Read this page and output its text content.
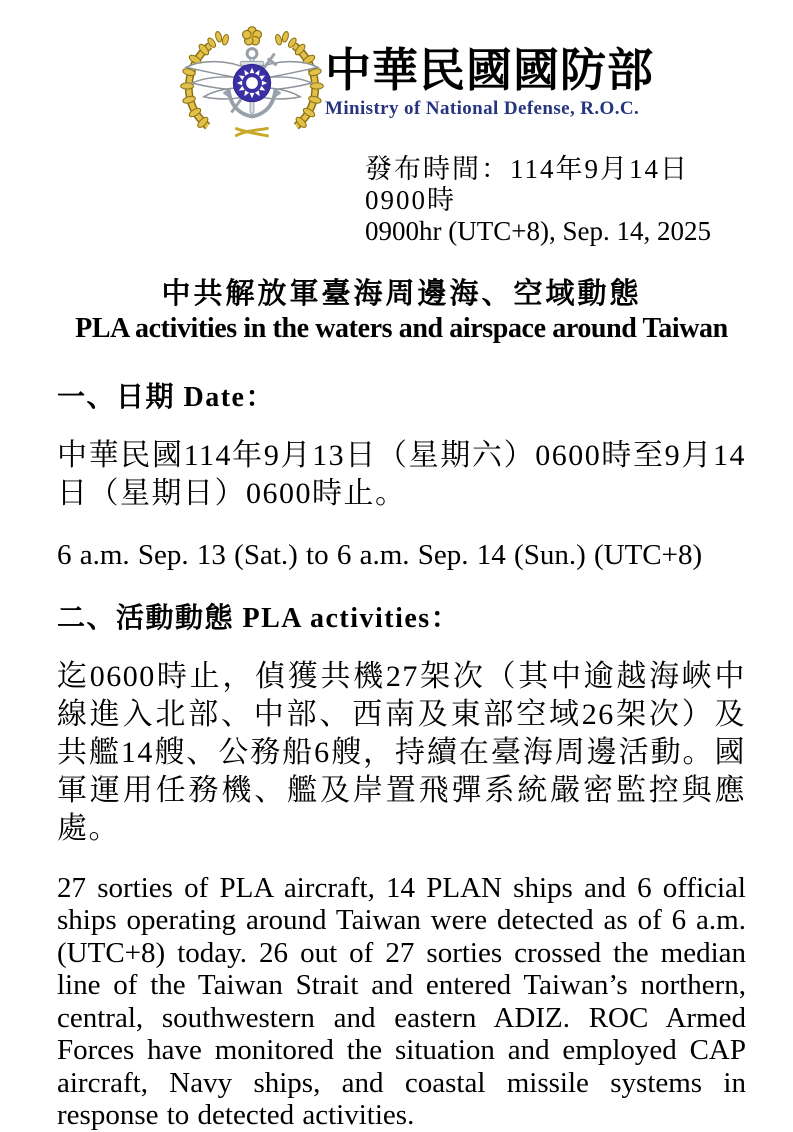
中華民國國防部
Ministry of National Defense, R.O.C.
發布時間：114年9月14日0900時
0900hr (UTC+8), Sep. 14, 2025
中共解放軍臺海周邊海、空域動態
PLA activities in the waters and airspace around Taiwan
一、日期 Date：

中華民國114年9月13日（星期六）0600時至9月14日（星期日）0600時止。

6 a.m. Sep. 13 (Sat.) to 6 a.m. Sep. 14 (Sun.) (UTC+8)

二、活動動態 PLA activities：

迄0600時止，偵獲共機27架次（其中逾越海峽中線進入北部、中部、西南及東部空域26架次）及共艦14艘、公務船6艘，持續在臺海周邊活動。國軍運用任務機、艦及岸置飛彈系統嚴密監控與應處。

27 sorties of PLA aircraft, 14 PLAN ships and 6 official ships operating around Taiwan were detected as of 6 a.m. (UTC+8) today. 26 out of 27 sorties crossed the median line of the Taiwan Strait and entered Taiwan’s northern, central, southwestern and eastern ADIZ. ROC Armed Forces have monitored the situation and employed CAP aircraft, Navy ships, and coastal missile systems in response to detected activities.
